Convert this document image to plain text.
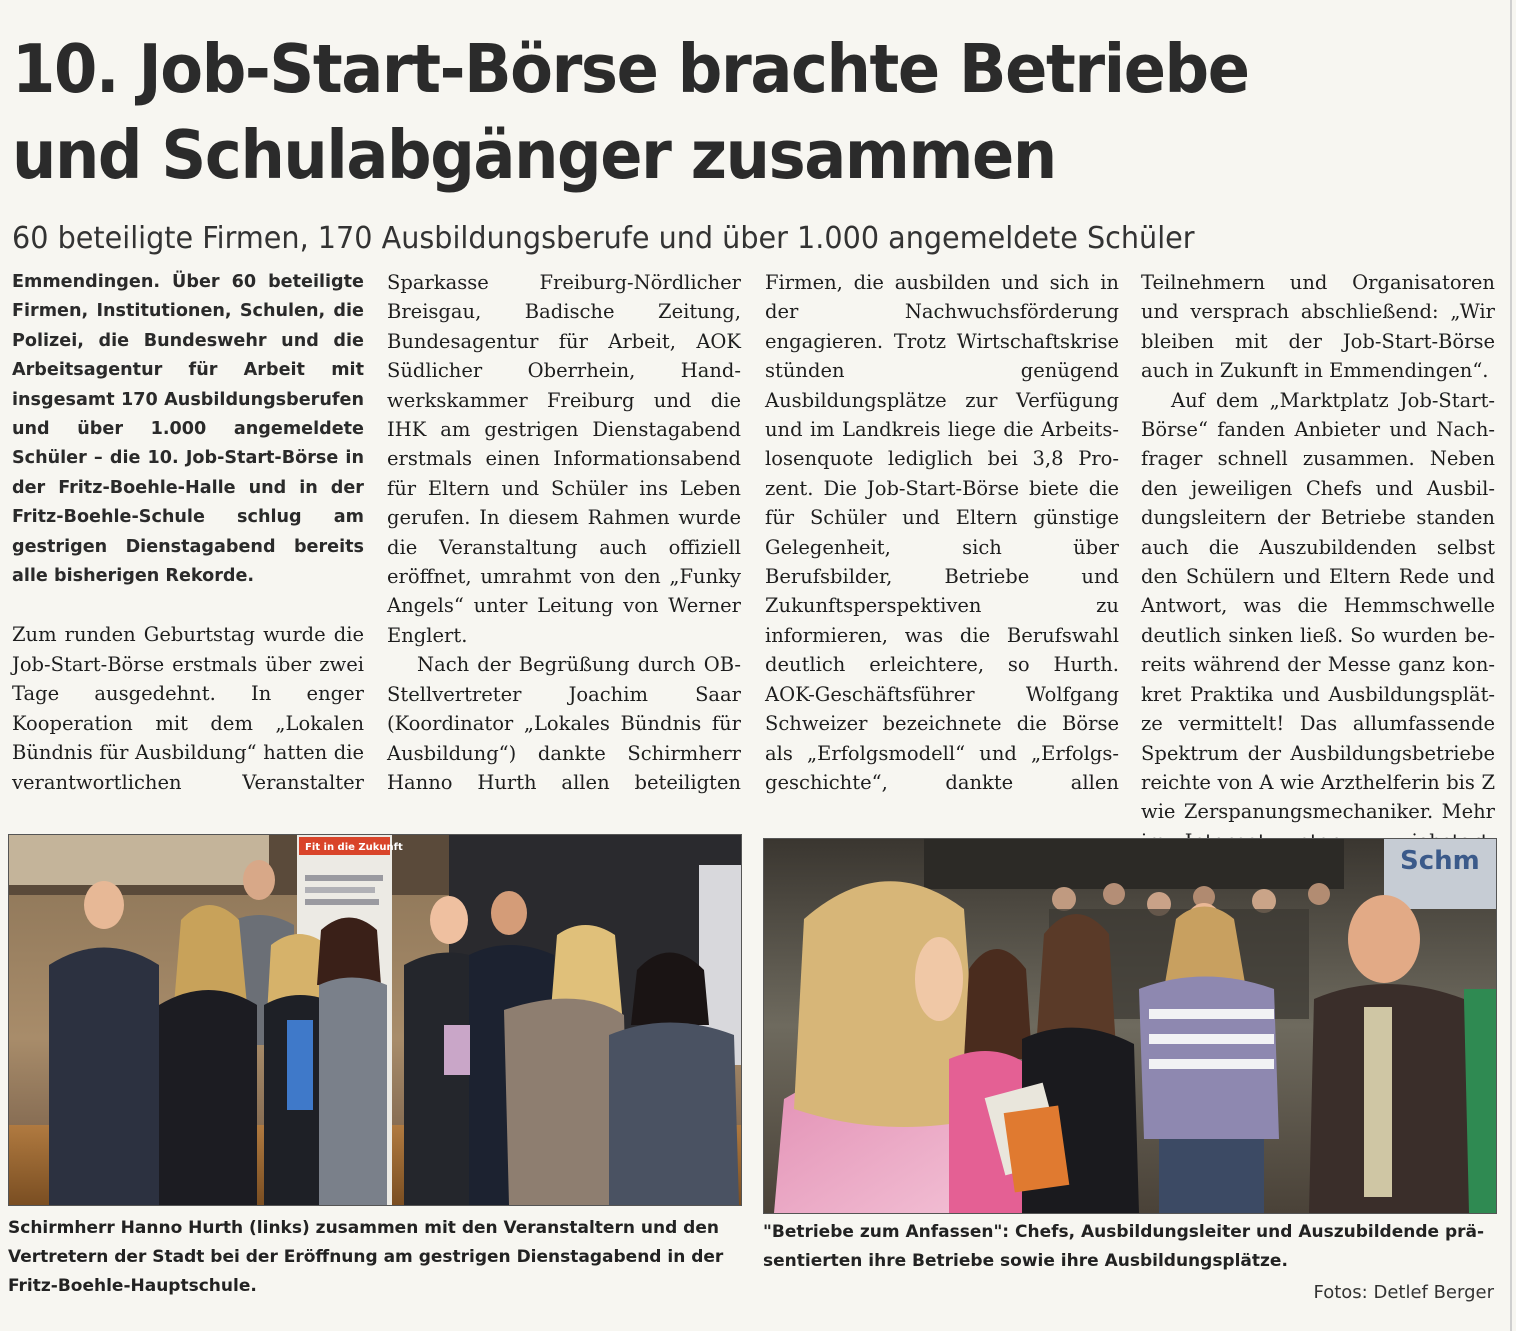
10. Job-Start-Börse brachte Betriebe
und Schulabgänger zusammen
60 beteiligte Firmen, 170 Ausbildungsberufe und über 1.000 angemeldete Schüler

Emmendingen. Über 60 beteiligte Firmen, Institutionen, Schulen, die Polizei, die Bundeswehr und die Arbeitsagentur für Arbeit mit insgesamt 170 Ausbildungsberufen und über 1.000 angemeldete Schüler – die 10. Job-Start-Börse in der Fritz-Boehle-Halle und in der Fritz-Boehle-Schule schlug am gestrigen Dienstagabend bereits alle bisherigen Rekorde.

Zum runden Geburtstag wurde die Job-Start-Börse erstmals über zwei Tage ausgedehnt. In enger Kooperation mit dem „Lokalen Bündnis für Ausbildung“ hatten die verantwortlichen Veranstalter

Sparkasse Freiburg-Nördlicher Breisgau, Badische Zeitung, Bundesagentur für Arbeit, AOK Südlicher Oberrhein, Handwerkskammer Freiburg und die IHK am gestrigen Dienstagabend erstmals einen Informationsabend für Eltern und Schüler ins Leben gerufen. In diesem Rahmen wurde die Veranstaltung auch offiziell eröffnet, umrahmt von den „Funky Angels“ unter Leitung von Werner Englert.

Nach der Begrüßung durch OB-Stellvertreter Joachim Saar (Koordinator „Lokales Bündnis für Ausbildung“) dankte Schirmherr Hanno Hurth allen beteiligten

Firmen, die ausbilden und sich in der Nachwuchsförderung engagieren. Trotz Wirtschaftskrise stünden genügend Ausbildungsplätze zur Verfügung und im Landkreis liege die Arbeitslosenquote lediglich bei 3,8 Prozent. Die Job-Start-Börse biete die für Schüler und Eltern günstige Gelegenheit, sich über Berufsbilder, Betriebe und Zukunftsperspektiven zu informieren, was die Berufswahl deutlich erleichtere, so Hurth. AOK-Geschäftsführer Wolfgang Schweizer bezeichnete die Börse als „Erfolgsmodell“ und „Erfolgsgeschichte“, dankte allen

Teilnehmern und Organisatoren und versprach abschließend: „Wir bleiben mit der Job-Start-Börse auch in Zukunft in Emmendingen“.

Auf dem „Marktplatz Job-Start-Börse“ fanden Anbieter und Nachfrager schnell zusammen. Neben den jeweiligen Chefs und Ausbildungsleitern der Betriebe standen auch die Auszubildenden selbst den Schülern und Eltern Rede und Antwort, was die Hemmschwelle deutlich sinken ließ. So wurden bereits während der Messe ganz konkret Praktika und Ausbildungsplätze vermittelt! Das allumfassende Spektrum der Ausbildungsbetriebe reichte von A wie Arzthelferin bis Z wie Zerspanungsmechaniker. Mehr

Fit in die Zukunft	Schm

Schirmherr Hanno Hurth (links) zusammen mit den Veranstaltern und den Vertretern der Stadt bei der Eröffnung am gestrigen Dienstagabend in der Fritz-Boehle-Hauptschule.

"Betriebe zum Anfassen": Chefs, Ausbildungsleiter und Auszubildende präsentierten ihre Betriebe sowie ihre Ausbildungsplätze.

Fotos: Detlef Berger
